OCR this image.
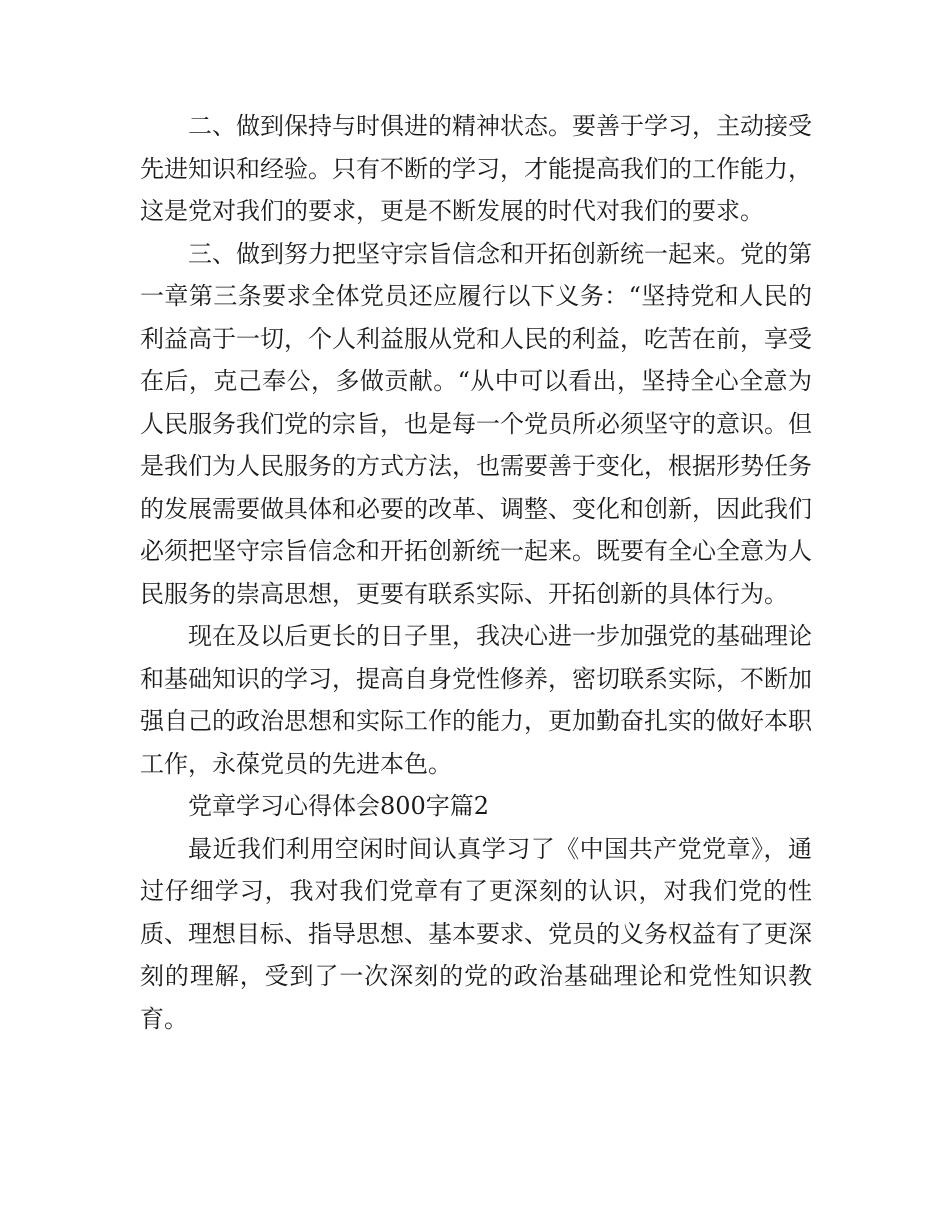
二、做到保持与时俱进的精神状态。要善于学习，主动接受先进知识和经验。只有不断的学习，才能提高我们的工作能力，这是党对我们的要求，更是不断发展的时代对我们的要求。

三、做到努力把坚守宗旨信念和开拓创新统一起来。党的第一章第三条要求全体党员还应履行以下义务：“坚持党和人民的利益高于一切，个人利益服从党和人民的利益，吃苦在前，享受在后，克己奉公，多做贡献。“从中可以看出，坚持全心全意为人民服务我们党的宗旨，也是每一个党员所必须坚守的意识。但是我们为人民服务的方式方法，也需要善于变化，根据形势任务的发展需要做具体和必要的改革、调整、变化和创新，因此我们必须把坚守宗旨信念和开拓创新统一起来。既要有全心全意为人民服务的崇高思想，更要有联系实际、开拓创新的具体行为。

现在及以后更长的日子里，我决心进一步加强党的基础理论和基础知识的学习，提高自身党性修养，密切联系实际，不断加强自己的政治思想和实际工作的能力，更加勤奋扎实的做好本职工作，永葆党员的先进本色。

党章学习心得体会800字篇2

最近我们利用空闲时间认真学习了《中国共产党党章》，通过仔细学习，我对我们党章有了更深刻的认识，对我们党的性质、理想目标、指导思想、基本要求、党员的义务权益有了更深刻的理解，受到了一次深刻的党的政治基础理论和党性知识教育。
